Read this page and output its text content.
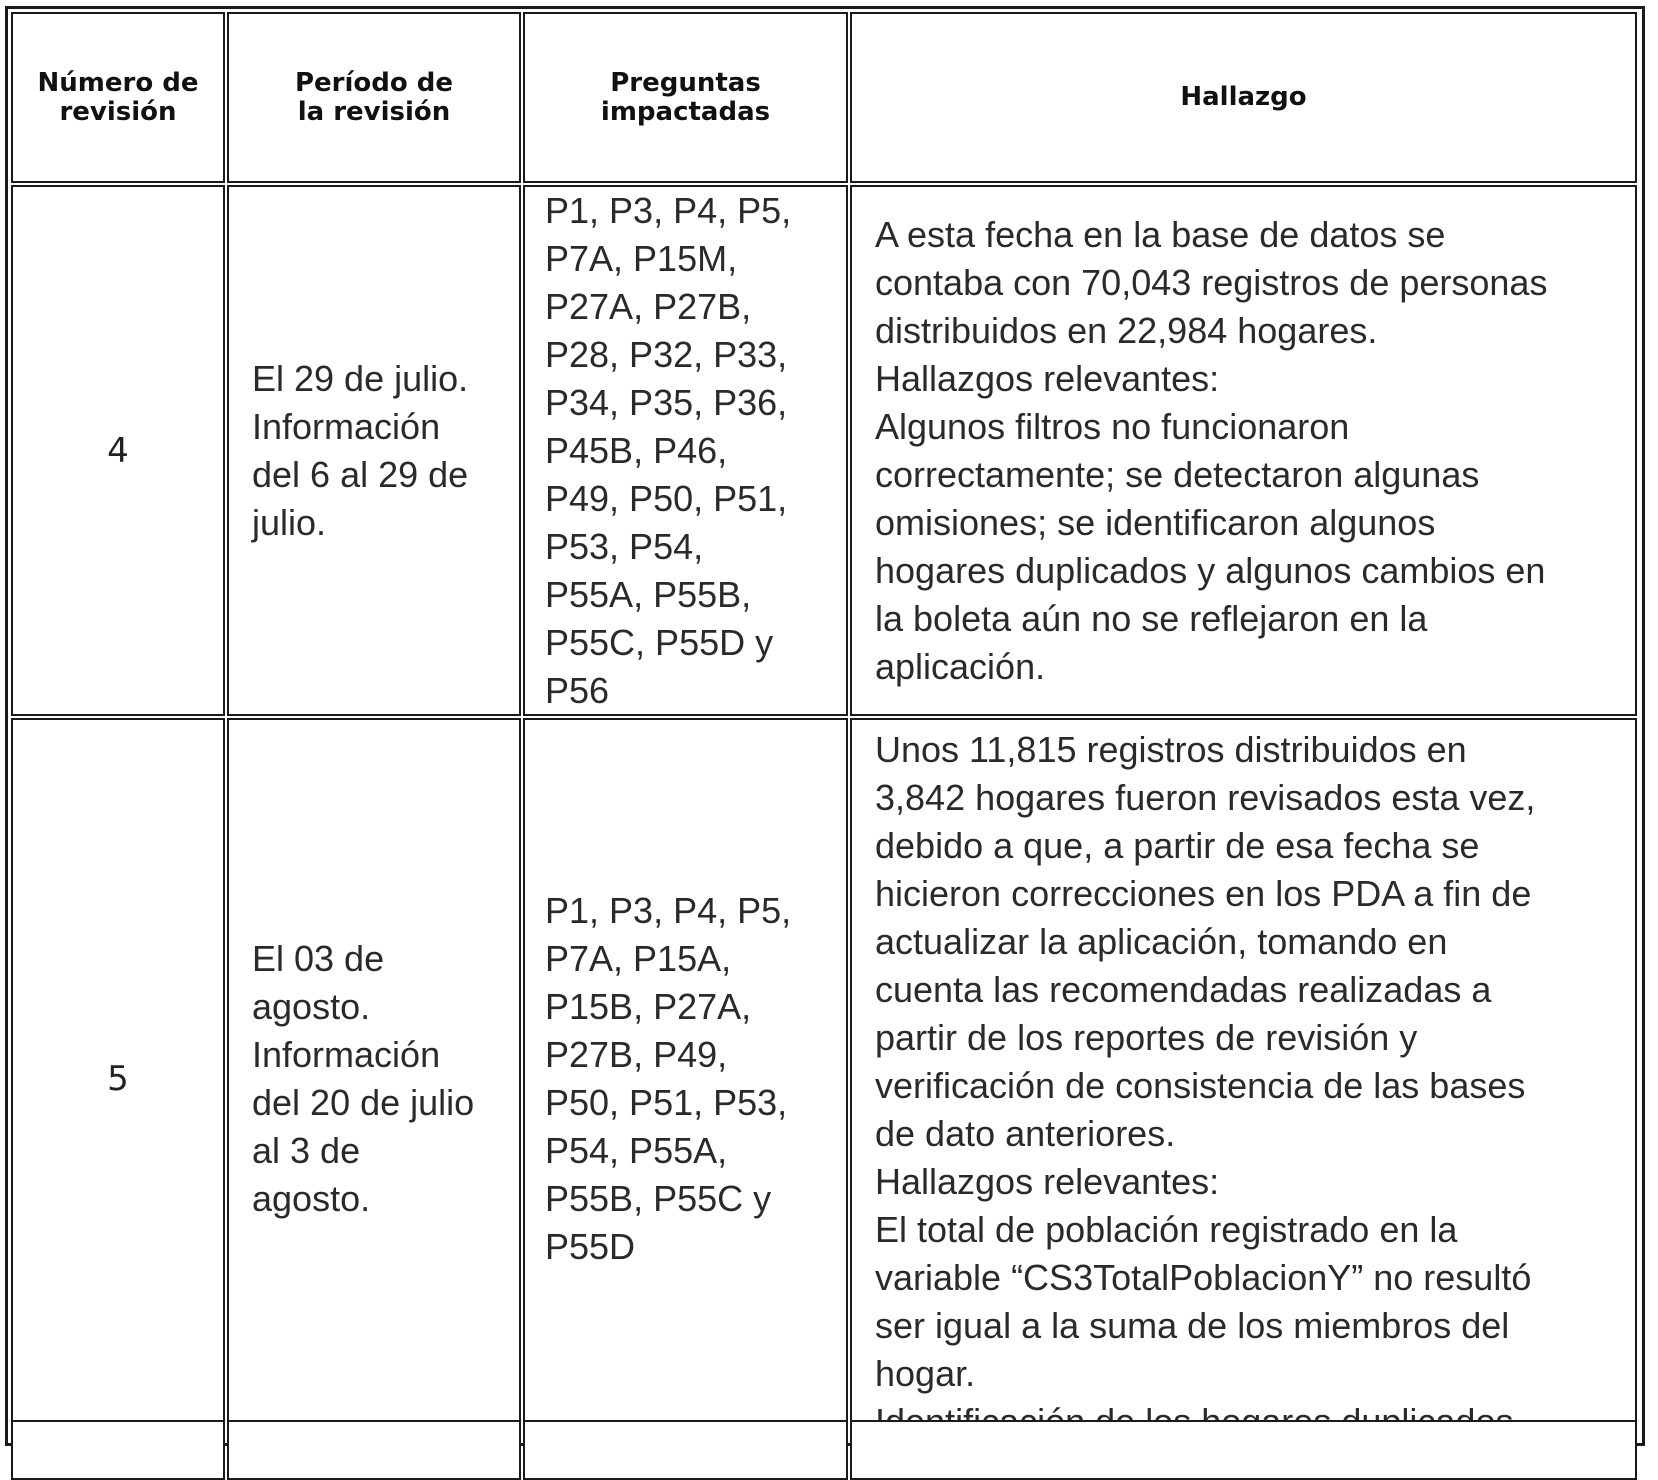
Número de
revisión
Período de
la revisión
Preguntas
impactadas	Hallazgo
4
El 29 de julio.
Información
del 6 al 29 de
julio.
P1, P3, P4, P5,
P7A, P15M,
P27A, P27B,
P28, P32, P33,
P34, P35, P36,
P45B, P46,
P49, P50, P51,
P53, P54,
P55A, P55B,
P55C, P55D y
P56
A esta fecha en la base de datos se
contaba con 70,043 registros de personas
distribuidos en 22,984 hogares.
Hallazgos relevantes:
Algunos filtros no funcionaron
correctamente; se detectaron algunas
omisiones; se identificaron algunos
hogares duplicados y algunos cambios en
la boleta aún no se reflejaron en la
aplicación.
5
El 03 de
agosto.
Información
del 20 de julio
al 3 de
agosto.
P1, P3, P4, P5,
P7A, P15A,
P15B, P27A,
P27B, P49,
P50, P51, P53,
P54, P55A,
P55B, P55C y
P55D
Unos 11,815 registros distribuidos en
3,842 hogares fueron revisados esta vez,
debido a que, a partir de esa fecha se
hicieron correcciones en los PDA a fin de
actualizar la aplicación, tomando en
cuenta las recomendadas realizadas a
partir de los reportes de revisión y
verificación de consistencia de las bases
de dato anteriores.
Hallazgos relevantes:
El total de población registrado en la
variable “CS3TotalPoblacionY” no resultó
ser igual a la suma de los miembros del
hogar.
